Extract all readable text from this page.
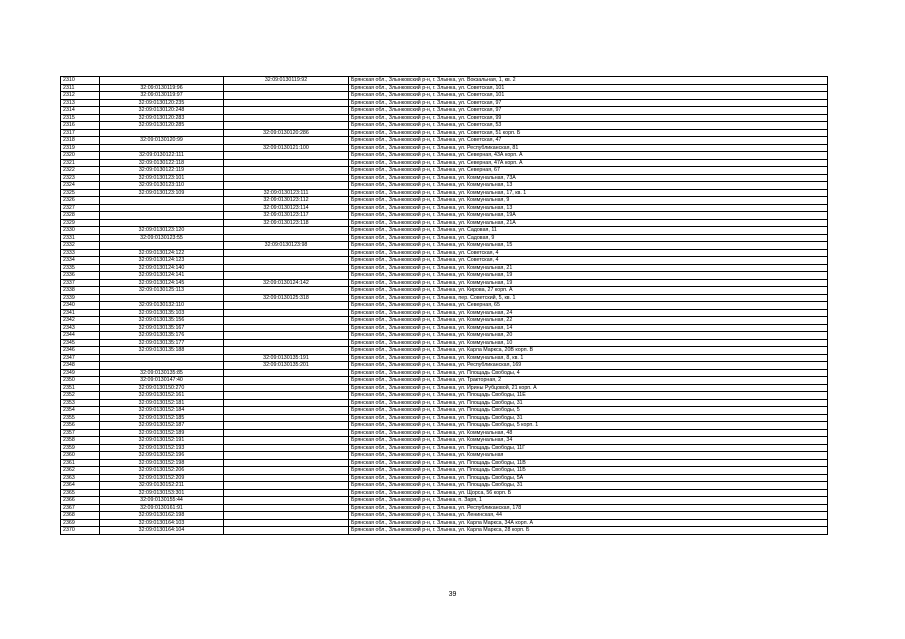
2310		32:09:0130119:92	Брянская обл., Злынковский р-н, г. Злынка, ул. Вокзальная, 1, кв. 2
2311	32:09:0130119:96		Брянская обл., Злынковский р-н, г. Злынка, ул. Советская, 101
2312	32:09:0130119:97		Брянская обл., Злынковский р-н, г. Злынка, ул. Советская, 101
2313	32:09:0130120:235		Брянская обл., Злынковский р-н, г. Злынка, ул. Советская, 97
2314	32:09:0130120:248		Брянская обл., Злынковский р-н, г. Злынка, ул. Советская, 97
2315	32:09:0130120:283		Брянская обл., Злынковский р-н, г. Злынка, ул. Советская, 99
2316	32:09:0130120:285		Брянская обл., Злынковский р-н, г. Злынка, ул. Советская, 53
2317		32:09:0130120:286	Брянская обл., Злынковский р-н, г. Злынка, ул. Советская, 51 корп. Б
2318	32:09:0130120:99		Брянская обл., Злынковский р-н, г. Злынка, ул. Советская, 47
2319		32:09:0130121:100	Брянская обл., Злынковский р-н, г. Злынка, ул. Республиканская, 81
2320	32:09:0130122:111		Брянская обл., Злынковский р-н, г. Злынка, ул. Северная, 43А корп. А
2321	32:09:0130122:118		Брянская обл., Злынковский р-н, г. Злынка, ул. Северная, 47А корп. А
2322	32:09:0130122:119		Брянская обл., Злынковский р-н, г. Злынка, ул. Северная, 67
2323	32:09:0130123:101		Брянская обл., Злынковский р-н, г. Злынка, ул. Коммунальная, 73А
2324	32:09:0130123:110		Брянская обл., Злынковский р-н, г. Злынка, ул. Коммунальная, 13
2325	32:09:0130123:109	32:09:0130123:111	Брянская обл., Злынковский р-н, г. Злынка, ул. Коммунальная, 17, кв. 1
2326		32:09:0130123:112	Брянская обл., Злынковский р-н, г. Злынка, ул. Коммунальная, 9
2327		32:09:0130123:114	Брянская обл., Злынковский р-н, г. Злынка, ул. Коммунальная, 13
2328		32:09:0130123:117	Брянская обл., Злынковский р-н, г. Злынка, ул. Коммунальная, 19А
2329		32:09:0130123:118	Брянская обл., Злынковский р-н, г. Злынка, ул. Коммунальная, 21А
2330	32:09:0130123:120		Брянская обл., Злынковский р-н, г. Злынка, ул. Садовая, 11
2331	32:09:0130123:55		Брянская обл., Злынковский р-н, г. Злынка, ул. Садовая, 9
2332		32:09:0130123:98	Брянская обл., Злынковский р-н, г. Злынка, ул. Коммунальная, 15
2333	32:09:0130124:122		Брянская обл., Злынковский р-н, г. Злынка, ул. Советская, 4
2334	32:09:0130124:123		Брянская обл., Злынковский р-н, г. Злынка, ул. Советская, 4
2335	32:09:0130124:140		Брянская обл., Злынковский р-н, г. Злынка, ул. Коммунальная, 21
2336	32:09:0130124:141		Брянская обл., Злынковский р-н, г. Злынка, ул. Коммунальная, 19
2337	32:09:0130124:145	32:09:0130124:142	Брянская обл., Злынковский р-н, г. Злынка, ул. Коммунальная, 19
2338	32:09:0130125:113		Брянская обл., Злынковский р-н, г. Злынка, ул. Кирова, 27 корп. А
2339		32:09:0130125:318	Брянская обл., Злынковский р-н, г. Злынка, пер. Советский, 5, кв. 1
2340	32:09:0130132:110		Брянская обл., Злынковский р-н, г. Злынка, ул. Северная, 65
2341	32:09:0130135:103		Брянская обл., Злынковский р-н, г. Злынка, ул. Коммунальная, 24
2342	32:09:0130135:156		Брянская обл., Злынковский р-н, г. Злынка, ул. Коммунальная, 22
2343	32:09:0130135:167		Брянская обл., Злынковский р-н, г. Злынка, ул. Коммунальная, 14
2344	32:09:0130135:176		Брянская обл., Злынковский р-н, г. Злынка, ул. Коммунальная, 20
2345	32:09:0130135:177		Брянская обл., Злынковский р-н, г. Злынка, ул. Коммунальная, 10
2346	32:09:0130135:188		Брянская обл., Злынковский р-н, г. Злынка, ул. Карла Маркса, 20В корп. В
2347		32:09:0130135:191	Брянская обл., Злынковский р-н, г. Злынка, ул. Коммунальная, 8, кв. 1
2348		32:09:0130135:201	Брянская обл., Злынковский р-н, г. Злынка, ул. Республиканская, 169
2349	32:09:0130135:85		Брянская обл., Злынковский р-н, г. Злынка, ул. Площадь Свободы, 4
2350	32:09:0130147:40		Брянская обл., Злынковский р-н, г. Злынка, ул. Тракторная, 2
2351	32:09:0130150:270		Брянская обл., Злынковский р-н, г. Злынка, ул. Ирины Рубцовой, 21 корп. А
2352	32:09:0130152:161		Брянская обл., Злынковский р-н, г. Злынка, ул. Площадь Свободы, 11Е
2353	32:09:0130152:181		Брянская обл., Злынковский р-н, г. Злынка, ул. Площадь Свободы, 31
2354	32:09:0130152:184		Брянская обл., Злынковский р-н, г. Злынка, ул. Площадь Свободы, 5
2355	32:09:0130152:185		Брянская обл., Злынковский р-н, г. Злынка, ул. Площадь Свободы, 31
2356	32:09:0130152:187		Брянская обл., Злынковский р-н, г. Злынка, ул. Площадь Свободы, 5 корп. 1
2357	32:09:0130152:189		Брянская обл., Злынковский р-н, г. Злынка, ул. Коммунальная, 48
2358	32:09:0130152:191		Брянская обл., Злынковский р-н, г. Злынка, ул. Коммунальная, 34
2359	32:09:0130152:193		Брянская обл., Злынковский р-н, г. Злынка, ул. Площадь Свободы, 11Г
2360	32:09:0130152:196		Брянская обл., Злынковский р-н, г. Злынка, ул. Коммунальная
2361	32:09:0130152:198		Брянская обл., Злынковский р-н, г. Злынка, ул. Площадь Свободы, 11В
2362	32:09:0130152:206		Брянская обл., Злынковский р-н, г. Злынка, ул. Площадь Свободы, 11Б
2363	32:09:0130152:209		Брянская обл., Злынковский р-н, г. Злынка, ул. Площадь Свободы, 5А
2364	32:09:0130152:211		Брянская обл., Злынковский р-н, г. Злынка, ул. Площадь Свободы, 31
2365	32:09:0130153:301		Брянская обл., Злынковский р-н, г. Злынка, ул. Щорса, 56 корп. Б
2366	32:09:0130155:44		Брянская обл., Злынковский р-н, г. Злынка, п. Заря, 1
2367	32:09:0130161:91		Брянская обл., Злынковский р-н, г. Злынка, ул. Республиканская, 178
2368	32:09:0130162:198		Брянская обл., Злынковский р-н, г. Злынка, ул. Ленинская, 44
2369	32:09:0130164:103		Брянская обл., Злынковский р-н, г. Злынка, ул. Карла Маркса, 34А корп. А
2370	32:09:0130164:104		Брянская обл., Злынковский р-н, г. Злынка, ул. Карла Маркса, 28 корп. Б
39
